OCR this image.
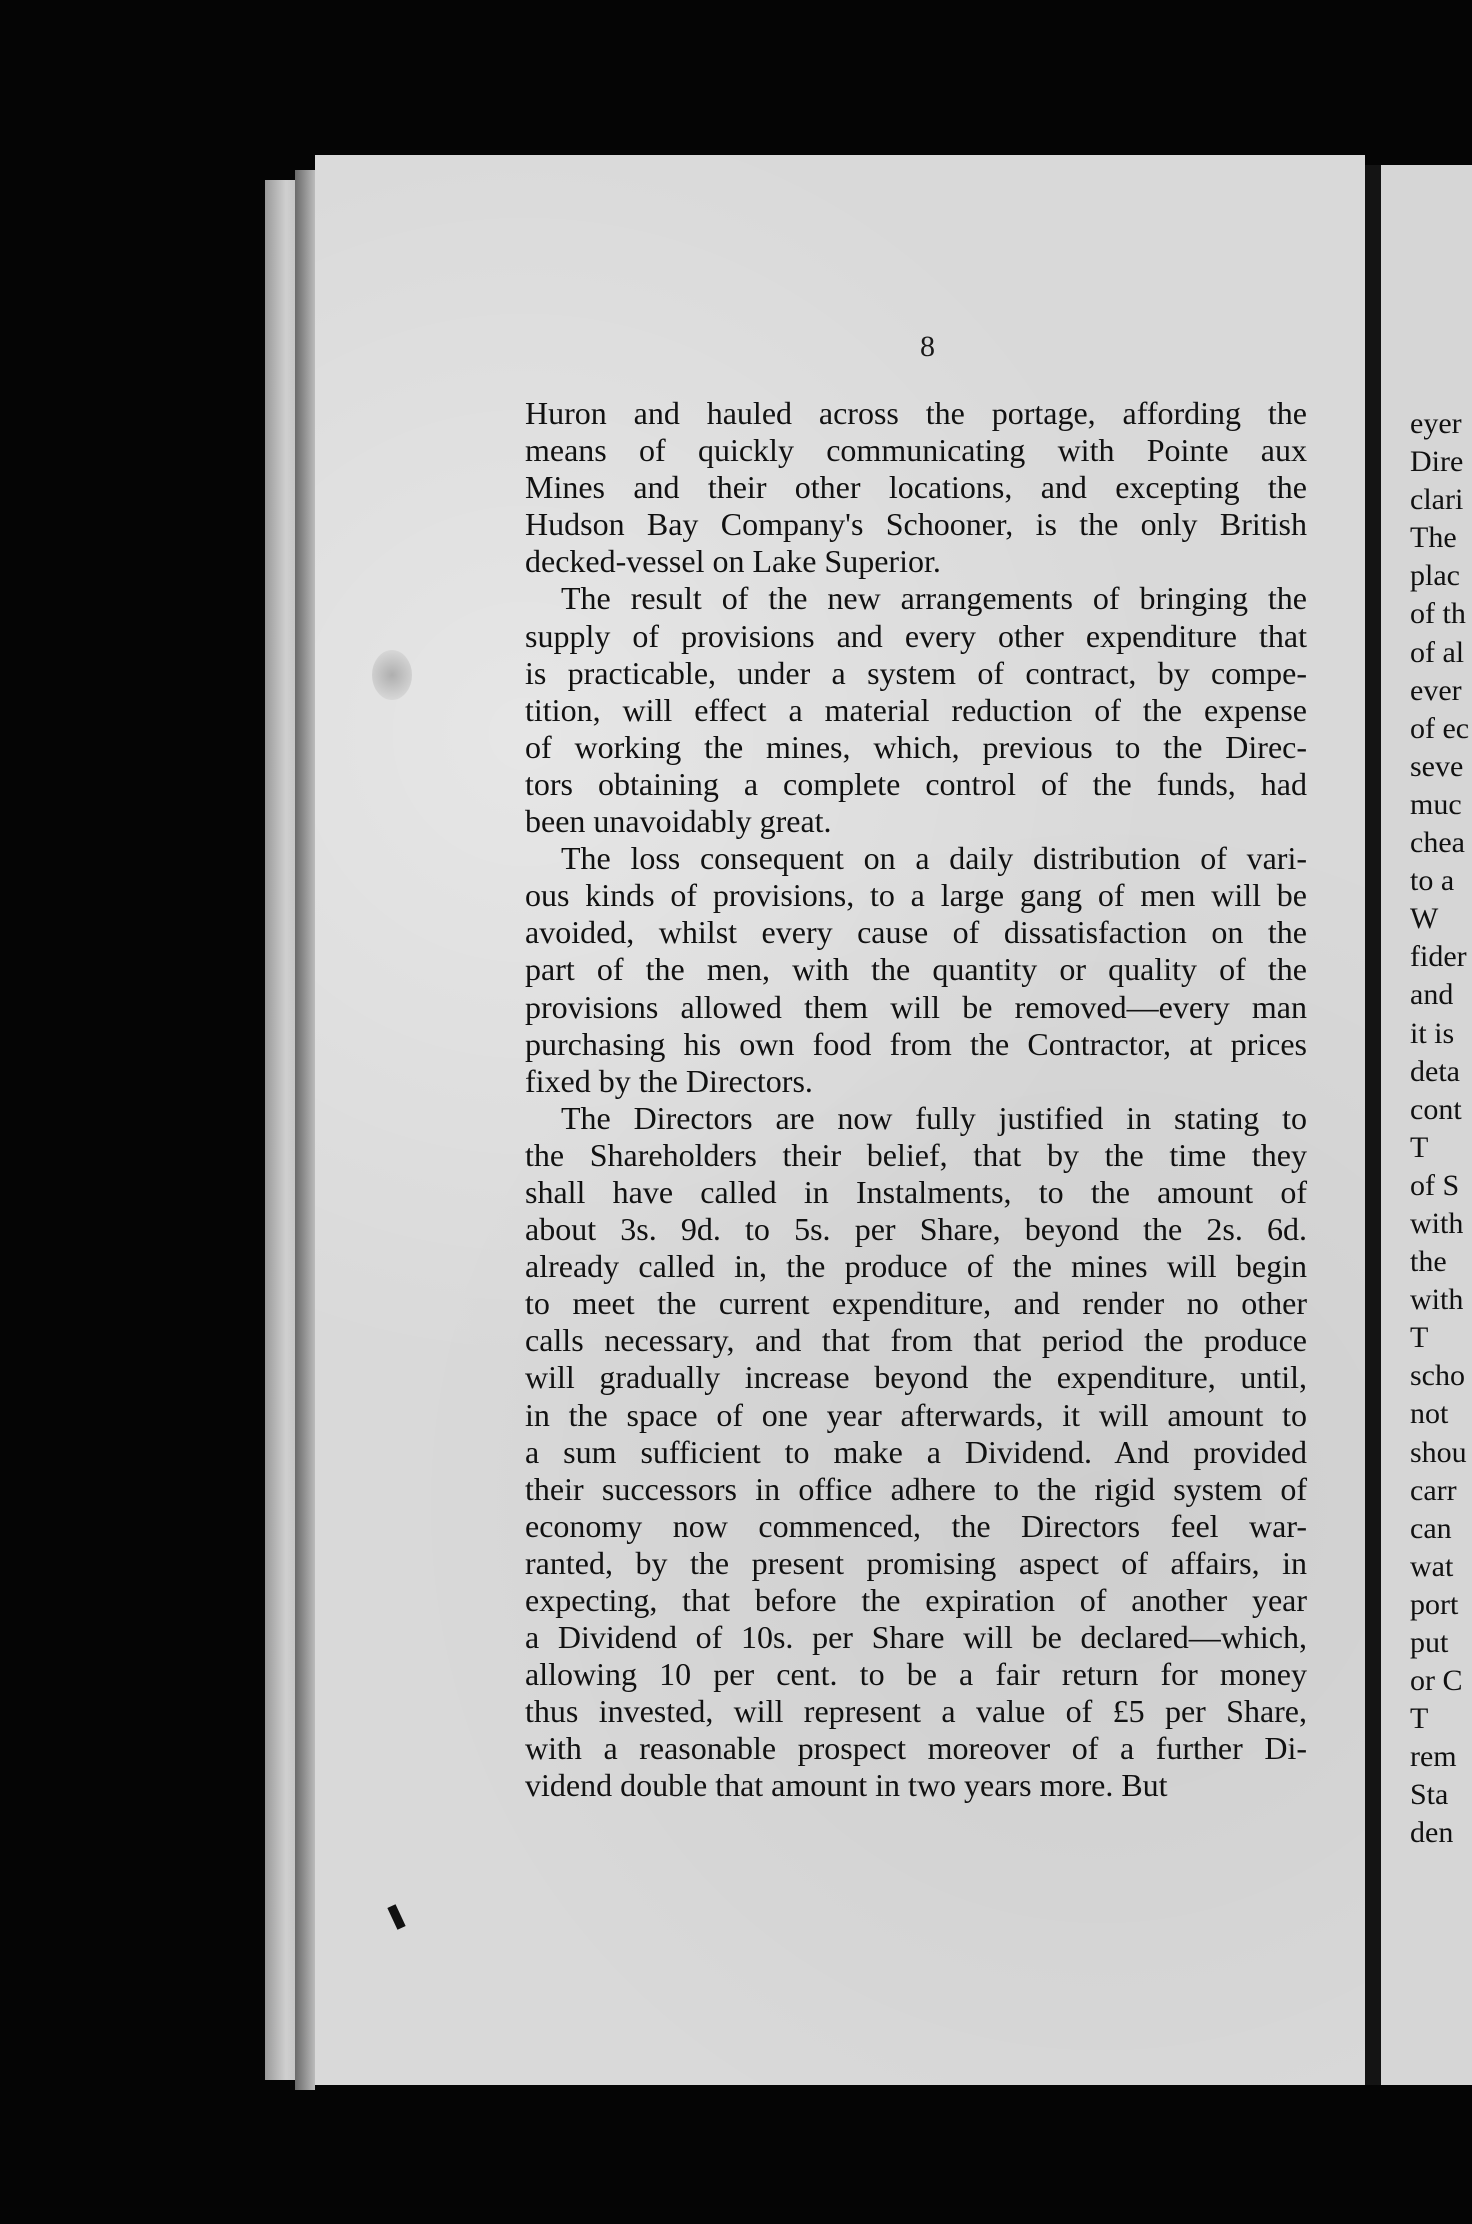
8
Huron and hauled across the portage, affording the
means of quickly communicating with Pointe aux
Mines and their other locations, and excepting the
Hudson Bay Company's Schooner, is the only British
decked-vessel on Lake Superior.
The result of the new arrangements of bringing the
supply of provisions and every other expenditure that
is practicable, under a system of contract, by compe-
tition, will effect a material reduction of the expense
of working the mines, which, previous to the Direc-
tors obtaining a complete control of the funds, had
been unavoidably great.
The loss consequent on a daily distribution of vari-
ous kinds of provisions, to a large gang of men will be
avoided, whilst every cause of dissatisfaction on the
part of the men, with the quantity or quality of the
provisions allowed them will be removed—every man
purchasing his own food from the Contractor, at prices
fixed by the Directors.
The Directors are now fully justified in stating to
the Shareholders their belief, that by the time they
shall have called in Instalments, to the amount of
about 3s. 9d. to 5s. per Share, beyond the 2s. 6d.
already called in, the produce of the mines will begin
to meet the current expenditure, and render no other
calls necessary, and that from that period the produce
will gradually increase beyond the expenditure, until,
in the space of one year afterwards, it will amount to
a sum sufficient to make a Dividend. And provided
their successors in office adhere to the rigid system of
economy now commenced, the Directors feel war-
ranted, by the present promising aspect of affairs, in
expecting, that before the expiration of another year
a Dividend of 10s. per Share will be declared—which,
allowing 10 per cent. to be a fair return for money
thus invested, will represent a value of £5 per Share,
with a reasonable prospect moreover of a further Di-
vidend double that amount in two years more. But
eyer
Dire
clari
The
plac
of th
of al
ever
of ec
seve
muc
chea
to a
W
fider
and
it is
deta
cont
T
of S
with
the
with
T
scho
not
shou
carr
can
wat
port
put
or C
T
rem
Sta
den
